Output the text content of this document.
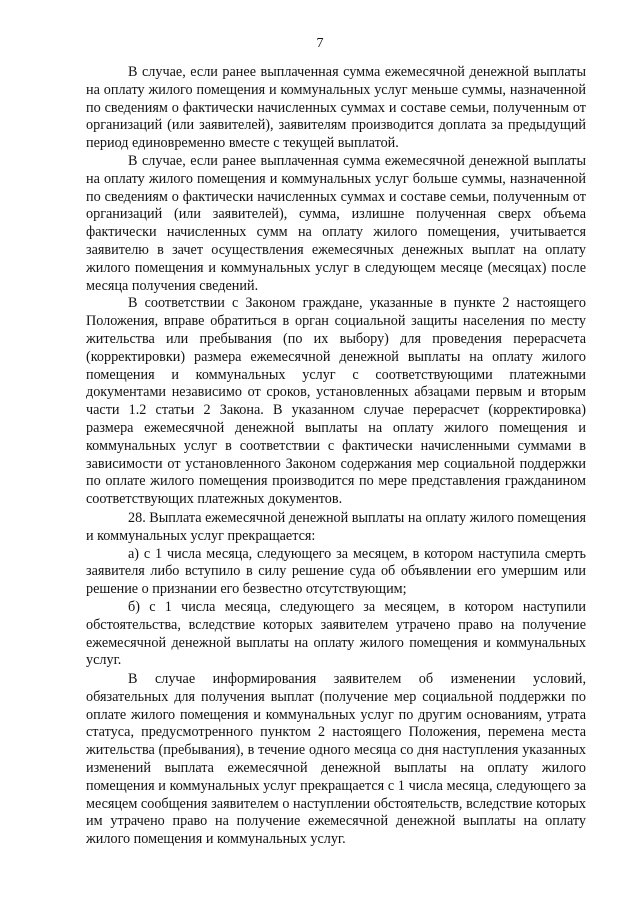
7

В случае, если ранее выплаченная сумма ежемесячной денежной выплаты на оплату жилого помещения и коммунальных услуг меньше суммы, назначенной по сведениям о фактически начисленных суммах и составе семьи, полученным от организаций (или заявителей), заявителям производится доплата за предыдущий период единовременно вместе с текущей выплатой.

В случае, если ранее выплаченная сумма ежемесячной денежной выплаты на оплату жилого помещения и коммунальных услуг больше суммы, назначенной по сведениям о фактически начисленных суммах и составе семьи, полученным от организаций (или заявителей), сумма, излишне полученная сверх объема фактически начисленных сумм на оплату жилого помещения, учитывается заявителю в зачет осуществления ежемесячных денежных выплат на оплату жилого помещения и коммунальных услуг в следующем месяце (месяцах) после месяца получения сведений.

В соответствии с Законом граждане, указанные в пункте 2 настоящего Положения, вправе обратиться в орган социальной защиты населения по месту жительства или пребывания (по их выбору) для проведения перерасчета (корректировки) размера ежемесячной денежной выплаты на оплату жилого помещения и коммунальных услуг с соответствующими платежными документами независимо от сроков, установленных абзацами первым и вторым части 1.2 статьи 2 Закона. В указанном случае перерасчет (корректировка) размера ежемесячной денежной выплаты на оплату жилого помещения и коммунальных услуг в соответствии с фактически начисленными суммами в зависимости от установленного Законом содержания мер социальной поддержки по оплате жилого помещения производится по мере представления гражданином соответствующих платежных документов.

28. Выплата ежемесячной денежной выплаты на оплату жилого помещения и коммунальных услуг прекращается:

а) с 1 числа месяца, следующего за месяцем, в котором наступила смерть заявителя либо вступило в силу решение суда об объявлении его умершим или решение о признании его безвестно отсутствующим;

б) с 1 числа месяца, следующего за месяцем, в котором наступили обстоятельства, вследствие которых заявителем утрачено право на получение ежемесячной денежной выплаты на оплату жилого помещения и коммунальных услуг.

В случае информирования заявителем об изменении условий, обязательных для получения выплат (получение мер социальной поддержки по оплате жилого помещения и коммунальных услуг по другим основаниям, утрата статуса, предусмотренного пунктом 2 настоящего Положения, перемена места жительства (пребывания), в течение одного месяца со дня наступления указанных изменений выплата ежемесячной денежной выплаты на оплату жилого помещения и коммунальных услуг прекращается с 1 числа месяца, следующего за месяцем сообщения заявителем о наступлении обстоятельств, вследствие которых им утрачено право на получение ежемесячной денежной выплаты на оплату жилого помещения и коммунальных услуг.
